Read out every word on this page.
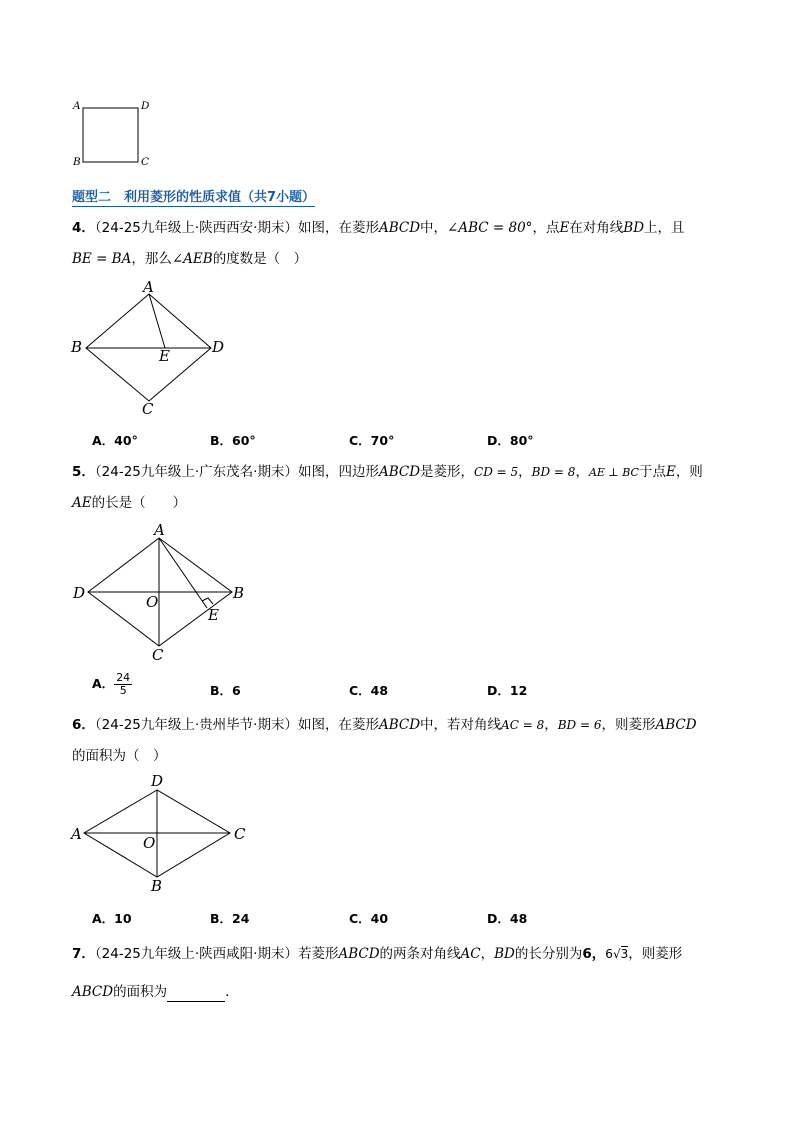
A	D
B	C
题型二　利用菱形的性质求值（共7小题）
4．（24-25九年级上·陕西西安·期末）如图，在菱形ABCD中，∠ABC = 80°，点E在对角线BD上，且
BE = BA，那么∠AEB的度数是（　）
A
B	D
E
C
A．40°	B．60°	C．70°	D．80°
5．（24-25九年级上·广东茂名·期末）如图，四边形ABCD是菱形，CD = 5，BD = 8，AE ⊥ BC于点E，则
AE的长是（　　）
A
D	B
O
E
C
A． $\frac{24}{5}$	B．6	C．48	D．12
6．（24-25九年级上·贵州毕节·期末）如图，在菱形ABCD中，若对角线AC = 8，BD = 6，则菱形ABCD
的面积为（　）
D
A	C
O
B
A．10	B．24	C．40	D．48
7．（24-25九年级上·陕西咸阳·期末）若菱形ABCD的两条对角线AC，BD的长分别为6，6√3，则菱形
ABCD的面积为	．
